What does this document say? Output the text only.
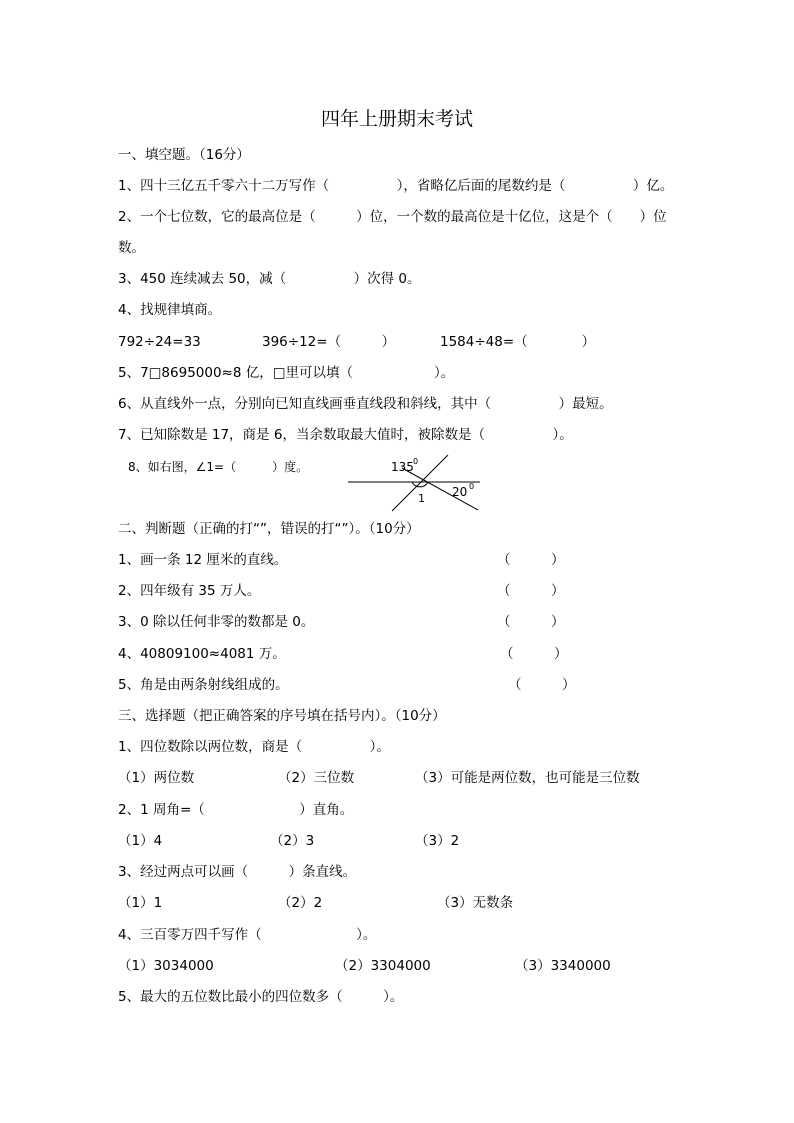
四年上册期末考试
一、填空题。（16分）
1、四十三亿五千零六十二万写作（　　　　　），省略亿后面的尾数约是（　　　　　）亿。
2、一个七位数，它的最高位是（　　　）位，一个数的最高位是十亿位，这是个（　　）位
数。
3、450 连续减去 50，减（　　　　　）次得 0。
4、找规律填商。
792÷24=33	396÷12=（　　　）	1584÷48=（　　　　）
5、7□8695000≈8 亿，□里可以填（　　　　　　）。
6、从直线外一点，分别向已知直线画垂直线段和斜线，其中（　　　　　）最短。
7、已知除数是 17，商是 6，当余数取最大值时，被除数是（　　　　　）。
8、如右图，∠1=（　　　）度。	135 0
1 20 0
二、判断题（正确的打“”，错误的打“”）。（10分）
1、画一条 12 厘米的直线。	（　　　）
2、四年级有 35 万人。	（　　　）
3、0 除以任何非零的数都是 0。	（　　　）
4、40809100≈4081 万。	（　　　）
5、角是由两条射线组成的。	（　　　）
三、选择题（把正确答案的序号填在括号内）。（10分）
1、四位数除以两位数，商是（　　　　　）。
（1）两位数	（2）三位数	（3）可能是两位数，也可能是三位数
2、1 周角=（　　　　　　　）直角。
（1）4	（2）3	（3）2
3、经过两点可以画（　　　）条直线。
（1）1	（2）2	（3）无数条
4、三百零万四千写作（　　　　　　　）。
（1）3034000	（2）3304000	（3）3340000
5、最大的五位数比最小的四位数多（　　　）。
